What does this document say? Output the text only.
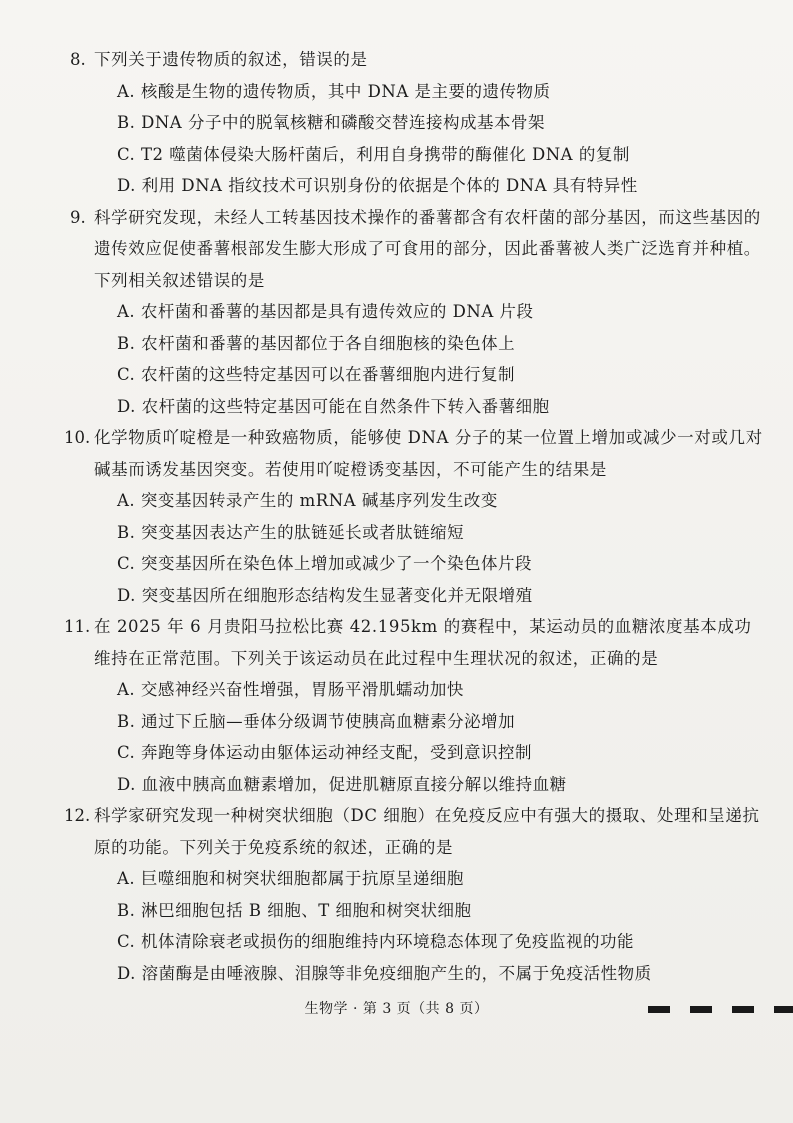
8. 下列关于遗传物质的叙述，错误的是
A. 核酸是生物的遗传物质，其中 DNA 是主要的遗传物质
B. DNA 分子中的脱氧核糖和磷酸交替连接构成基本骨架
C. T2 噬菌体侵染大肠杆菌后，利用自身携带的酶催化 DNA 的复制
D. 利用 DNA 指纹技术可识别身份的依据是个体的 DNA 具有特异性
9. 科学研究发现，未经人工转基因技术操作的番薯都含有农杆菌的部分基因，而这些基因的遗传效应促使番薯根部发生膨大形成了可食用的部分，因此番薯被人类广泛选育并种植。下列相关叙述错误的是
A. 农杆菌和番薯的基因都是具有遗传效应的 DNA 片段
B. 农杆菌和番薯的基因都位于各自细胞核的染色体上
C. 农杆菌的这些特定基因可以在番薯细胞内进行复制
D. 农杆菌的这些特定基因可能在自然条件下转入番薯细胞
10. 化学物质吖啶橙是一种致癌物质，能够使 DNA 分子的某一位置上增加或减少一对或几对碱基而诱发基因突变。若使用吖啶橙诱变基因，不可能产生的结果是
A. 突变基因转录产生的 mRNA 碱基序列发生改变
B. 突变基因表达产生的肽链延长或者肽链缩短
C. 突变基因所在染色体上增加或减少了一个染色体片段
D. 突变基因所在细胞形态结构发生显著变化并无限增殖
11. 在 2025 年 6 月贵阳马拉松比赛 42.195km 的赛程中，某运动员的血糖浓度基本成功维持在正常范围。下列关于该运动员在此过程中生理状况的叙述，正确的是
A. 交感神经兴奋性增强，胃肠平滑肌蠕动加快
B. 通过下丘脑—垂体分级调节使胰高血糖素分泌增加
C. 奔跑等身体运动由躯体运动神经支配，受到意识控制
D. 血液中胰高血糖素增加，促进肌糖原直接分解以维持血糖
12. 科学家研究发现一种树突状细胞（DC 细胞）在免疫反应中有强大的摄取、处理和呈递抗原的功能。下列关于免疫系统的叙述，正确的是
A. 巨噬细胞和树突状细胞都属于抗原呈递细胞
B. 淋巴细胞包括 B 细胞、T 细胞和树突状细胞
C. 机体清除衰老或损伤的细胞维持内环境稳态体现了免疫监视的功能
D. 溶菌酶是由唾液腺、泪腺等非免疫细胞产生的，不属于免疫活性物质
生物学 · 第 3 页（共 8 页）
